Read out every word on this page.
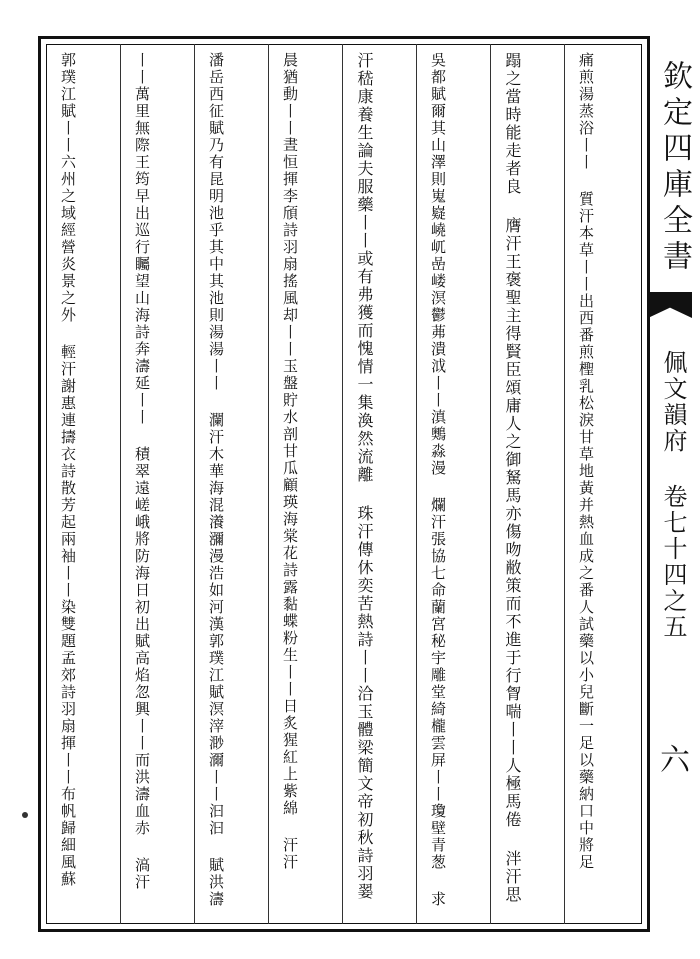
痛煎湯蒸浴丨丨 質汗本草丨丨出西番煎檉乳松淚甘草地黃并熱血成之番人試藥以小兒斷一足以藥納口中將足
蹋之當時能走者良 膺汗王褒聖主得賢臣頌庸人之御駑馬亦傷吻敝策而不進于行胷喘丨丨人極馬倦 泮汗思
吳都賦爾其山澤則嵬嶷嶢屼嵒嵝溟鬱茀潰泧丨丨滇䴈淼漫 爛汗張協七命蘭宮秘宇雕堂綺櫳雲屏丨丨瓊壁青葱 求
汗嵇康養生論夫服藥丨丨或有弗獲而愧情一集渙然流離 珠汗傳休奕苦熱詩丨丨洽玉體梁簡文帝初秋詩羽翣
晨猶動丨丨晝恒揮李頎詩羽扇搖風却丨丨玉盤貯水剖甘瓜顧瑛海棠花詩露黏蝶粉生丨丨日炙猩紅上紫綿 汗汗
潘岳西征賦乃有昆明池乎其中其池則湯湯丨丨 瀾汗木華海混瀁瀰漫浩如河漢郭璞江賦溟滓渺濔丨丨汩汩 賦洪濤
丨丨萬里無際王筠早出巡行矚望山海詩奔濤延丨丨 積翠遠嵯峨將防海日初出賦高焰忽興丨丨而洪濤血赤 滈汗
郭璞江賦丨丨六州之域經營炎景之外 輕汗謝惠連擣衣詩散芳起兩袖丨丨染雙題孟郊詩羽扇揮丨丨布帆歸細風蘇	欽定四庫全書
佩文韻府 卷七十四之五
六
